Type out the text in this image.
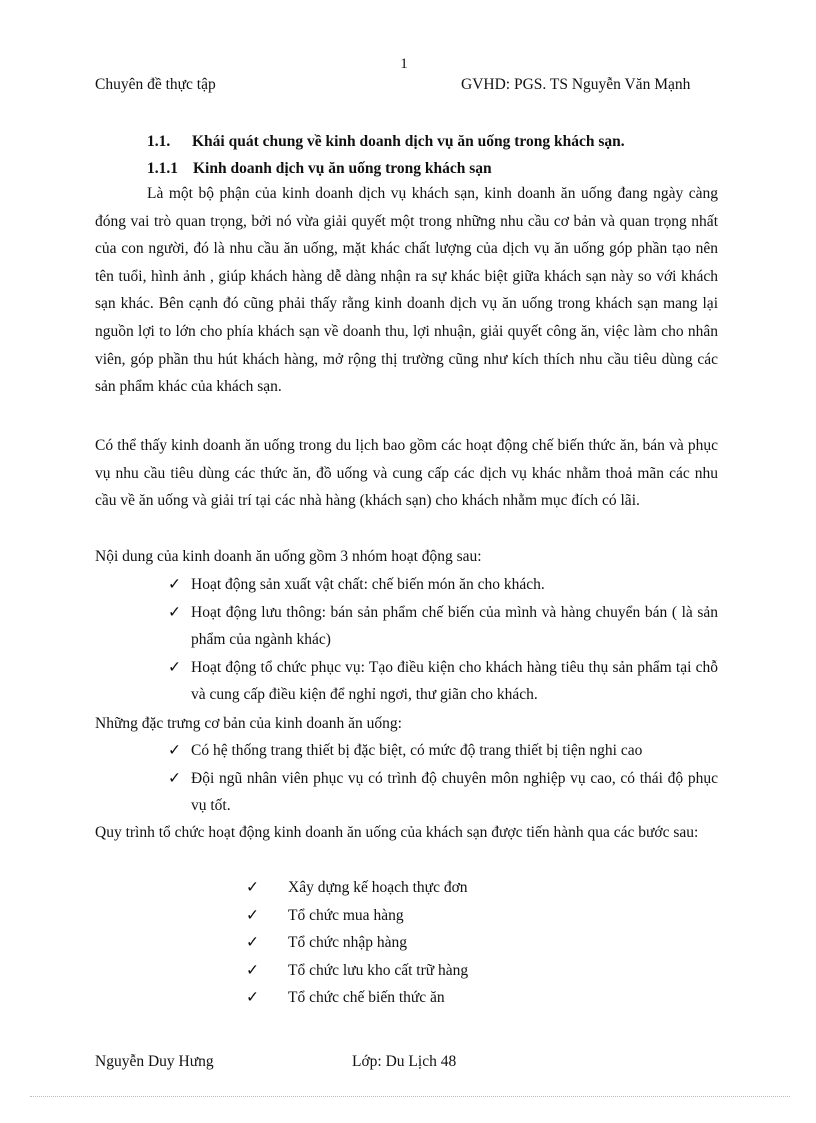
1
Chuyên đề thực tập	GVHD: PGS. TS Nguyễn Văn Mạnh
1.1. Khái quát chung về kinh doanh dịch vụ ăn uống trong khách sạn.
1.1.1 Kinh doanh dịch vụ ăn uống trong khách sạn
Là một bộ phận của kinh doanh dịch vụ khách sạn, kinh doanh ăn uống đang ngày càng đóng vai trò quan trọng, bởi nó vừa giải quyết một trong những nhu cầu cơ bản và quan trọng nhất của con người, đó là nhu cầu ăn uống, mặt khác chất lượng của dịch vụ ăn uống góp phần tạo nên tên tuổi, hình ảnh , giúp khách hàng dễ dàng nhận ra sự khác biệt giữa khách sạn này so với khách sạn khác. Bên cạnh đó cũng phải thấy rằng kinh doanh dịch vụ ăn uống trong khách sạn mang lại nguồn lợi to lớn cho phía khách sạn về doanh thu, lợi nhuận, giải quyết công ăn, việc làm cho nhân viên, góp phần thu hút khách hàng, mở rộng thị trường cũng như kích thích nhu cầu tiêu dùng các sản phẩm khác của khách sạn.
Có thể thấy kinh doanh ăn uống trong du lịch bao gồm các hoạt động chế biến thức ăn, bán và phục vụ nhu cầu tiêu dùng các thức ăn, đồ uống và cung cấp các dịch vụ khác nhằm thoả mãn các nhu cầu về ăn uống và giải trí tại các nhà hàng (khách sạn) cho khách nhằm mục đích có lãi.
Nội dung của kinh doanh ăn uống gồm 3 nhóm hoạt động sau:
✓ Hoạt động sản xuất vật chất: chế biến món ăn cho khách.
✓ Hoạt động lưu thông: bán sản phẩm chế biến của mình và hàng chuyển bán ( là sản phẩm của ngành khác)
✓ Hoạt động tổ chức phục vụ: Tạo điều kiện cho khách hàng tiêu thụ sản phẩm tại chỗ và cung cấp điều kiện để nghỉ ngơi, thư giãn cho khách.
Những đặc trưng cơ bản của kinh doanh ăn uống:
✓ Có hệ thống trang thiết bị đặc biệt, có mức độ trang thiết bị tiện nghi cao
✓ Đội ngũ nhân viên phục vụ có trình độ chuyên môn nghiệp vụ cao, có thái độ phục vụ tốt.
Quy trình tổ chức hoạt động kinh doanh ăn uống của khách sạn được tiến hành qua các bước sau:
✓ Xây dựng kế hoạch thực đơn
✓ Tổ chức mua hàng
✓ Tổ chức nhập hàng
✓ Tổ chức lưu kho cất trữ hàng
✓ Tổ chức chế biến thức ăn
Nguyễn Duy Hưng	Lớp: Du Lịch 48
